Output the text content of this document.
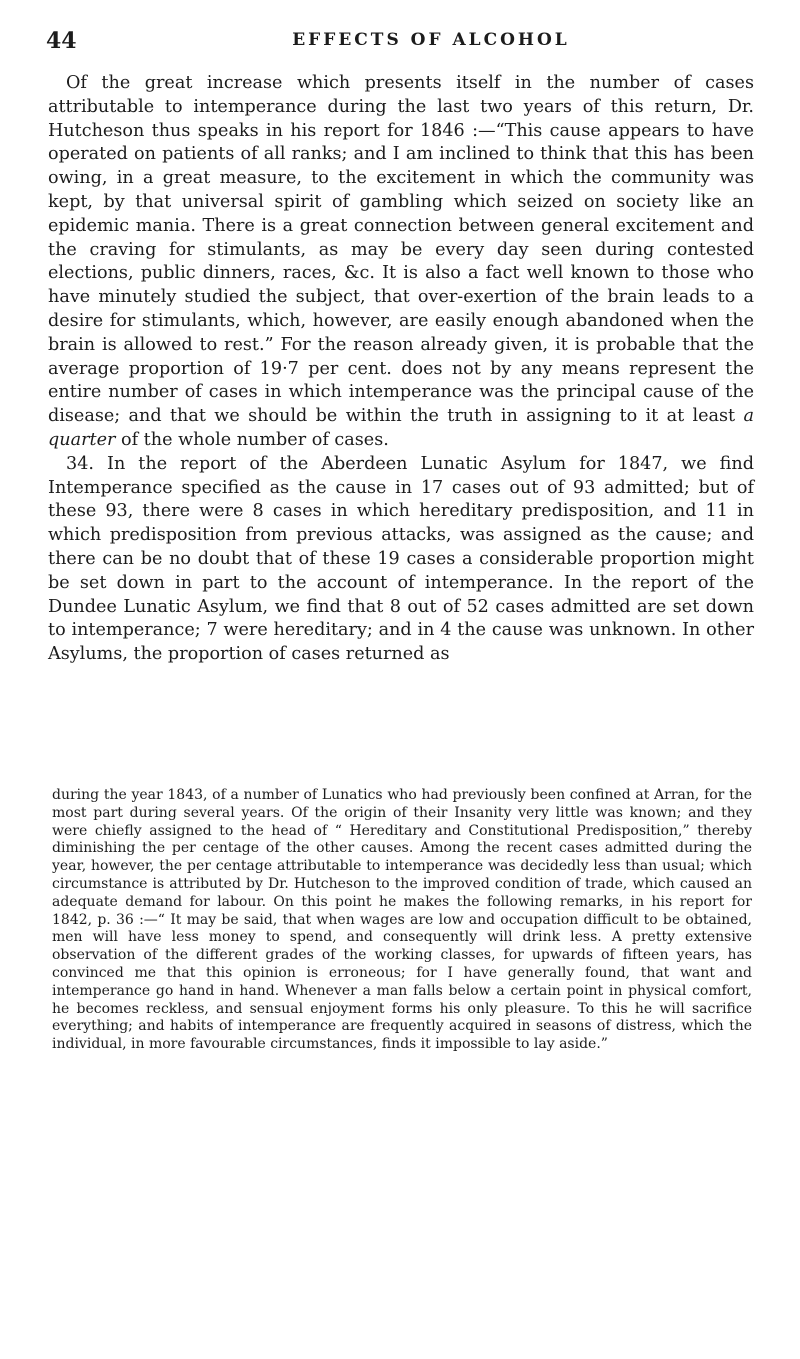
44	EFFECTS OF ALCOHOL

Of the great increase which presents itself in the number of cases attributable to intemperance during the last two years of this return, Dr. Hutcheson thus speaks in his report for 1846 :—“This cause appears to have operated on patients of all ranks; and I am inclined to think that this has been owing, in a great measure, to the excitement in which the community was kept, by that universal spirit of gambling which seized on society like an epidemic mania. There is a great connection between general excitement and the craving for stimulants, as may be every day seen during contested elections, public dinners, races, &c. It is also a fact well known to those who have minutely studied the subject, that over-exertion of the brain leads to a desire for stimulants, which, however, are easily enough abandoned when the brain is allowed to rest.” For the reason already given, it is probable that the average proportion of 19·7 per cent. does not by any means represent the entire number of cases in which intemperance was the principal cause of the disease; and that we should be within the truth in assigning to it at least a quarter of the whole number of cases.

34. In the report of the Aberdeen Lunatic Asylum for 1847, we find Intemperance specified as the cause in 17 cases out of 93 admitted; but of these 93, there were 8 cases in which hereditary predisposition, and 11 in which predisposition from previous attacks, was assigned as the cause; and there can be no doubt that of these 19 cases a considerable proportion might be set down in part to the account of intemperance. In the report of the Dundee Lunatic Asylum, we find that 8 out of 52 cases admitted are set down to intemperance; 7 were hereditary; and in 4 the cause was unknown. In other Asylums, the proportion of cases returned as

during the year 1843, of a number of Lunatics who had previously been confined at Arran, for the most part during several years. Of the origin of their Insanity very little was known; and they were chiefly assigned to the head of “ Hereditary and Constitutional Predisposition,” thereby diminishing the per centage of the other causes. Among the recent cases admitted during the year, however, the per centage attributable to intemperance was decidedly less than usual; which circumstance is attributed by Dr. Hutcheson to the improved condition of trade, which caused an adequate demand for labour. On this point he makes the following remarks, in his report for 1842, p. 36 :—“ It may be said, that when wages are low and occupation difficult to be obtained, men will have less money to spend, and consequently will drink less. A pretty extensive observation of the different grades of the working classes, for upwards of fifteen years, has convinced me that this opinion is erroneous; for I have generally found, that want and intemperance go hand in hand. Whenever a man falls below a certain point in physical comfort, he becomes reckless, and sensual enjoyment forms his only pleasure. To this he will sacrifice everything; and habits of intemperance are frequently acquired in seasons of distress, which the individual, in more favourable circumstances, finds it impossible to lay aside.”
